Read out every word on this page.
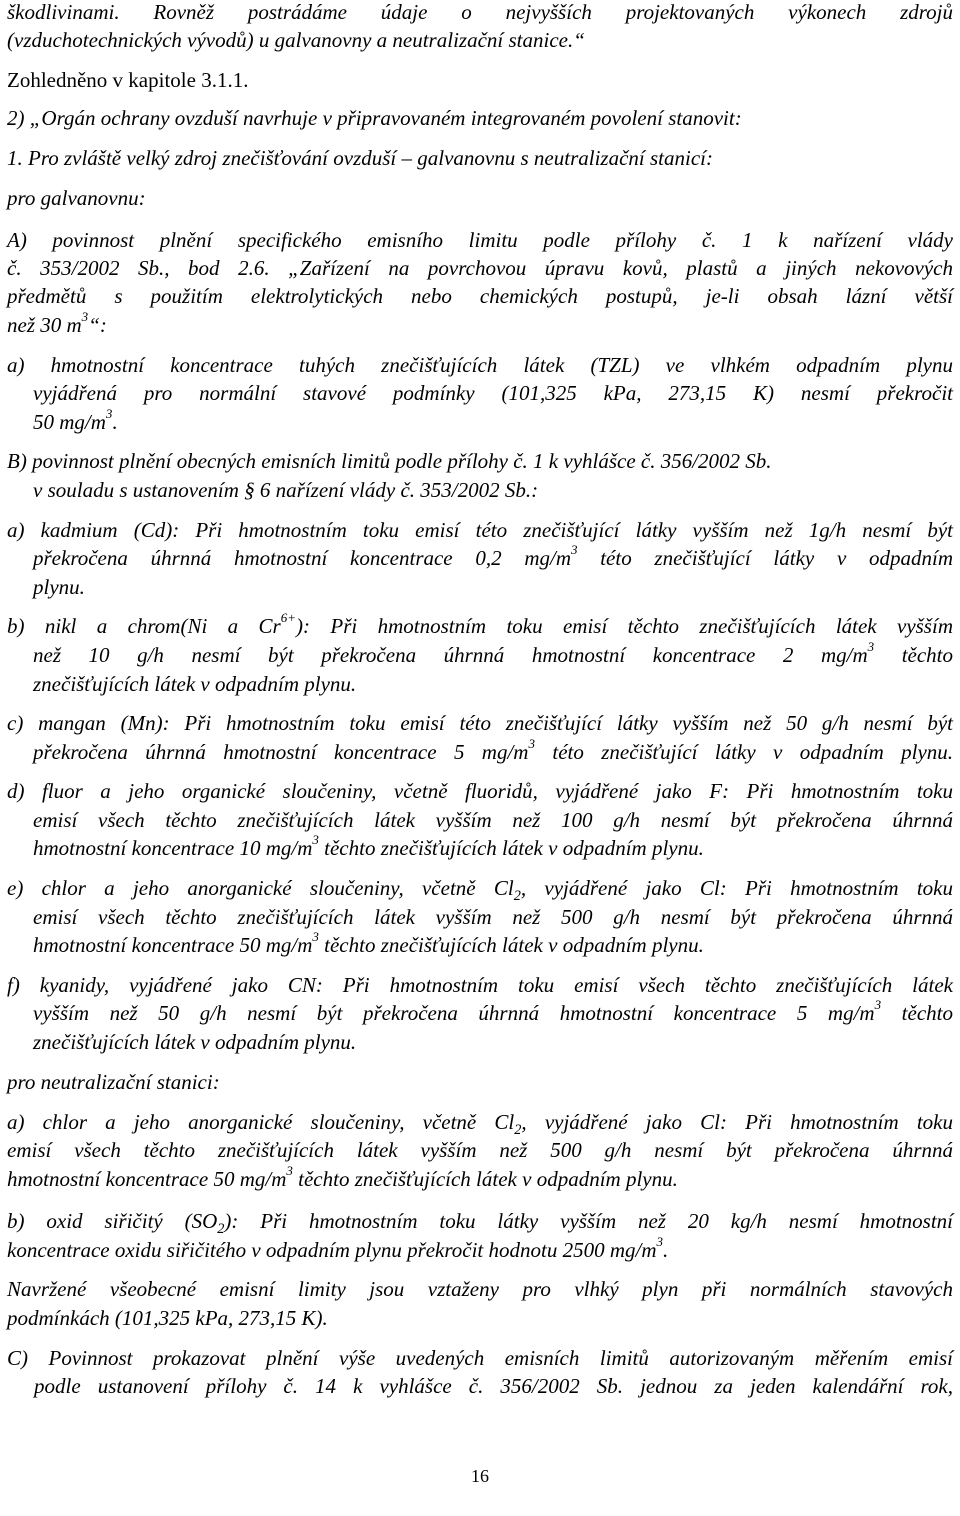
škodlivinami. Rovněž postrádáme údaje o nejvyšších projektovaných výkonech zdrojů
(vzduchotechnických vývodů) u galvanovny a neutralizační stanice.“
Zohledněno v kapitole 3.1.1.
2) „Orgán ochrany ovzduší navrhuje v připravovaném integrovaném povolení stanovit:
1. Pro zvláště velký zdroj znečišťování ovzduší – galvanovnu s neutralizační stanicí:
pro galvanovnu:
A) povinnost plnění specifického emisního limitu podle přílohy č. 1 k nařízení vlády
č. 353/2002 Sb., bod 2.6. „Zařízení na povrchovou úpravu kovů, plastů a jiných nekovových
předmětů s použitím elektrolytických nebo chemických postupů, je-li obsah lázní větší
než 30 $m^3“$:
a) hmotnostní koncentrace tuhých znečišťujících látek (TZL) ve vlhkém odpadním plynu
vyjádřená pro normální stavové podmínky (101,325 kPa, 273,15 K) nesmí překročit
50 $mg/m^3$.
B) povinnost plnění obecných emisních limitů podle přílohy č. 1 k vyhlášce č. 356/2002 Sb.
v souladu s ustanovením § 6 nařízení vlády č. 353/2002 Sb.:
a) kadmium (Cd): Při hmotnostním toku emisí této znečišťující látky vyšším než 1g/h nesmí být
překročena úhrnná hmotnostní koncentrace 0,2 $mg/m^3$ této znečišťující látky v odpadním
plynu.
b) nikl a chrom(Ni a $Cr^{6+}$): Při hmotnostním toku emisí těchto znečišťujících látek vyšším
než 10 g/h nesmí být překročena úhrnná hmotnostní koncentrace 2 $mg/m^3$ těchto
znečišťujících látek v odpadním plynu.
c) mangan (Mn): Při hmotnostním toku emisí této znečišťující látky vyšším než 50 g/h nesmí být
překročena úhrnná hmotnostní koncentrace 5 $mg/m^3$ této znečišťující látky v odpadním plynu.
d) fluor a jeho organické sloučeniny, včetně fluoridů, vyjádřené jako F: Při hmotnostním toku
emisí všech těchto znečišťujících látek vyšším než 100 g/h nesmí být překročena úhrnná
hmotnostní koncentrace 10 $mg/m^3$ těchto znečišťujících látek v odpadním plynu.
e) chlor a jeho anorganické sloučeniny, včetně $Cl_2$, vyjádřené jako Cl: Při hmotnostním toku
emisí všech těchto znečišťujících látek vyšším než 500 g/h nesmí být překročena úhrnná
hmotnostní koncentrace 50 $mg/m^3$ těchto znečišťujících látek v odpadním plynu.
f) kyanidy, vyjádřené jako CN: Při hmotnostním toku emisí všech těchto znečišťujících látek
vyšším než 50 g/h nesmí být překročena úhrnná hmotnostní koncentrace 5 $mg/m^3$ těchto
znečišťujících látek v odpadním plynu.
pro neutralizační stanici:
a) chlor a jeho anorganické sloučeniny, včetně $Cl_2$, vyjádřené jako Cl: Při hmotnostním toku
emisí všech těchto znečišťujících látek vyšším než 500 g/h nesmí být překročena úhrnná
hmotnostní koncentrace 50 $mg/m^3$ těchto znečišťujících látek v odpadním plynu.
b) oxid siřičitý $(SO_2)$: Při hmotnostním toku látky vyšším než 20 kg/h nesmí hmotnostní
koncentrace oxidu siřičitého v odpadním plynu překročit hodnotu 2500 $mg/m^3$.
Navržené všeobecné emisní limity jsou vztaženy pro vlhký plyn při normálních stavových
podmínkách (101,325 kPa, 273,15 K).
C) Povinnost prokazovat plnění výše uvedených emisních limitů autorizovaným měřením emisí
podle ustanovení přílohy č. 14 k vyhlášce č. 356/2002 Sb. jednou za jeden kalendářní rok,
16
